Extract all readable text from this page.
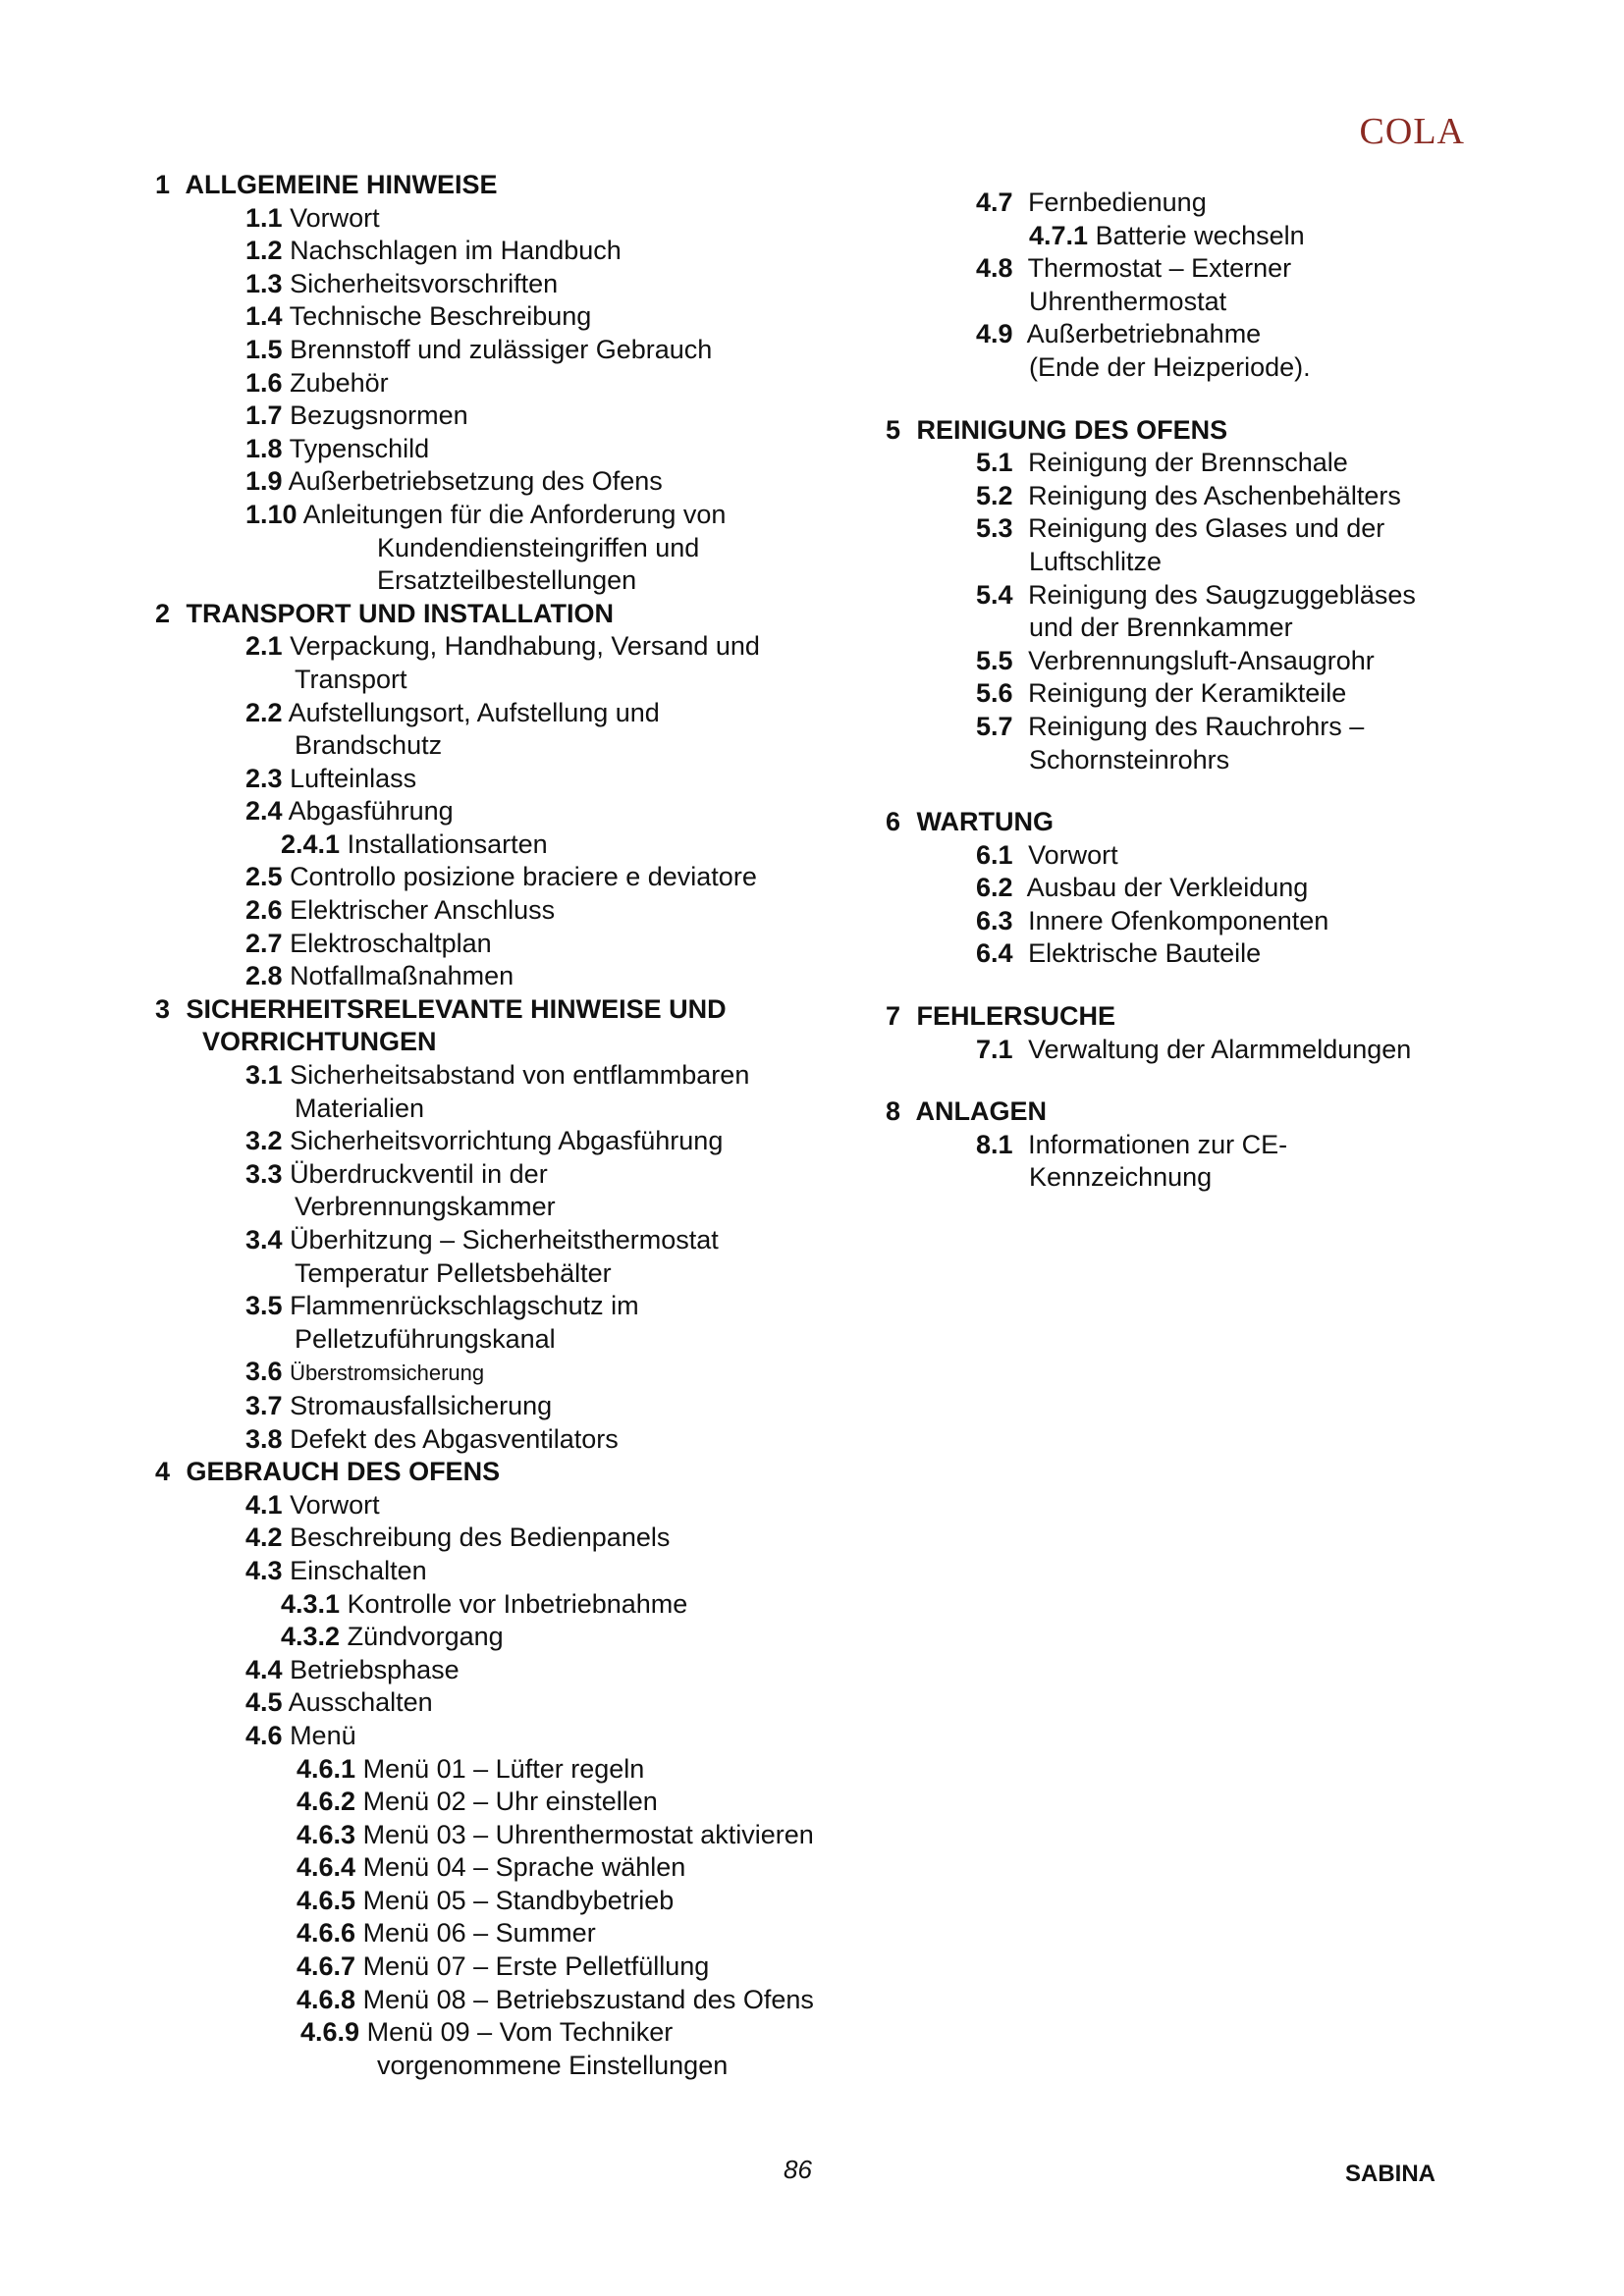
COLA
1 ALLGEMEINE HINWEISE
1.1 Vorwort
1.2 Nachschlagen im Handbuch
1.3 Sicherheitsvorschriften
1.4 Technische Beschreibung
1.5 Brennstoff und zulässiger Gebrauch
1.6 Zubehör
1.7 Bezugsnormen
1.8 Typenschild
1.9 Außerbetriebsetzung des Ofens
1.10 Anleitungen für die Anforderung von
Kundendiensteingriffen und
Ersatzteilbestellungen
2 TRANSPORT UND INSTALLATION
2.1 Verpackung, Handhabung, Versand und
Transport
2.2 Aufstellungsort, Aufstellung und
Brandschutz
2.3 Lufteinlass
2.4 Abgasführung
2.4.1 Installationsarten
2.5 Controllo posizione braciere e deviatore
2.6 Elektrischer Anschluss
2.7 Elektroschaltplan
2.8 Notfallmaßnahmen
3 SICHERHEITSRELEVANTE HINWEISE UND
VORRICHTUNGEN
3.1 Sicherheitsabstand von entflammbaren
Materialien
3.2 Sicherheitsvorrichtung Abgasführung
3.3 Überdruckventil in der
Verbrennungskammer
3.4 Überhitzung – Sicherheitsthermostat
Temperatur Pelletsbehälter
3.5 Flammenrückschlagschutz im
Pelletzuführungskanal
3.6 Überstromsicherung
3.7 Stromausfallsicherung
3.8 Defekt des Abgasventilators
4 GEBRAUCH DES OFENS
4.1 Vorwort
4.2 Beschreibung des Bedienpanels
4.3 Einschalten
4.3.1 Kontrolle vor Inbetriebnahme
4.3.2 Zündvorgang
4.4 Betriebsphase
4.5 Ausschalten
4.6 Menü
4.6.1 Menü 01 – Lüfter regeln
4.6.2 Menü 02 – Uhr einstellen
4.6.3 Menü 03 – Uhrenthermostat aktivieren
4.6.4 Menü 04 – Sprache wählen
4.6.5 Menü 05 – Standbybetrieb
4.6.6 Menü 06 – Summer
4.6.7 Menü 07 – Erste Pelletfüllung
4.6.8 Menü 08 – Betriebszustand des Ofens
4.6.9 Menü 09 – Vom Techniker
vorgenommene Einstellungen
4.7 Fernbedienung
4.7.1 Batterie wechseln
4.8 Thermostat – Externer
Uhrenthermostat
4.9 Außerbetriebnahme
(Ende der Heizperiode).
5 REINIGUNG DES OFENS
5.1 Reinigung der Brennschale
5.2 Reinigung des Aschenbehälters
5.3 Reinigung des Glases und der
Luftschlitze
5.4 Reinigung des Saugzuggebläses
und der Brennkammer
5.5 Verbrennungsluft-Ansaugrohr
5.6 Reinigung der Keramikteile
5.7 Reinigung des Rauchrohrs –
Schornsteinrohrs
6 WARTUNG
6.1 Vorwort
6.2 Ausbau der Verkleidung
6.3 Innere Ofenkomponenten
6.4 Elektrische Bauteile
7 FEHLERSUCHE
7.1 Verwaltung der Alarmmeldungen
8 ANLAGEN
8.1 Informationen zur CE-
Kennzeichnung
86	SABINA
